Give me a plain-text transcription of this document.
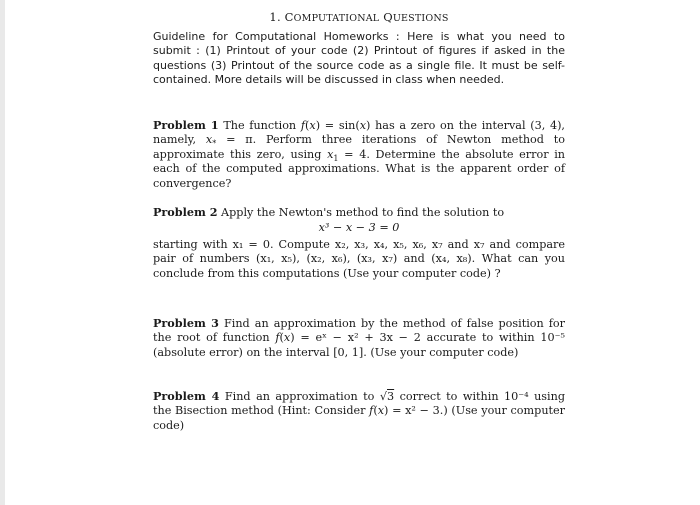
1. COMPUTATIONAL QUESTIONS
Guideline for Computational Homeworks : Here is what you need to submit : (1) Printout of your code (2) Printout of figures if asked in the questions (3) Printout of the source code as a single file. It must be self-contained. More details will be discussed in class when needed.
Problem 1 The function f(x) = sin(x) has a zero on the interval (3, 4), namely, $x_* = \pi$. Perform three iterations of Newton method to approximate this zero, using $x_1 = 4$. Determine the absolute error in each of the computed approximations. What is the apparent order of convergence?
Problem 2 Apply the Newton's method to find the solution to
x³ − x − 3 = 0
starting with x₁ = 0. Compute x₂, x₃, x₄, x₅, x₆, x₇ and x₇ and compare pair of numbers (x₁, x₅), (x₂, x₆), (x₃, x₇) and (x₄, x₈). What can you conclude from this computations (Use your computer code) ?
Problem 3 Find an approximation by the method of false position for the root of function f(x) = eˣ − x² + 3x − 2 accurate to within 10⁻⁵ (absolute error) on the interval [0, 1]. (Use your computer code)
Problem 4 Find an approximation to √3 correct to within 10⁻⁴ using the Bisection method (Hint: Consider f(x) = x² − 3.) (Use your computer code)
